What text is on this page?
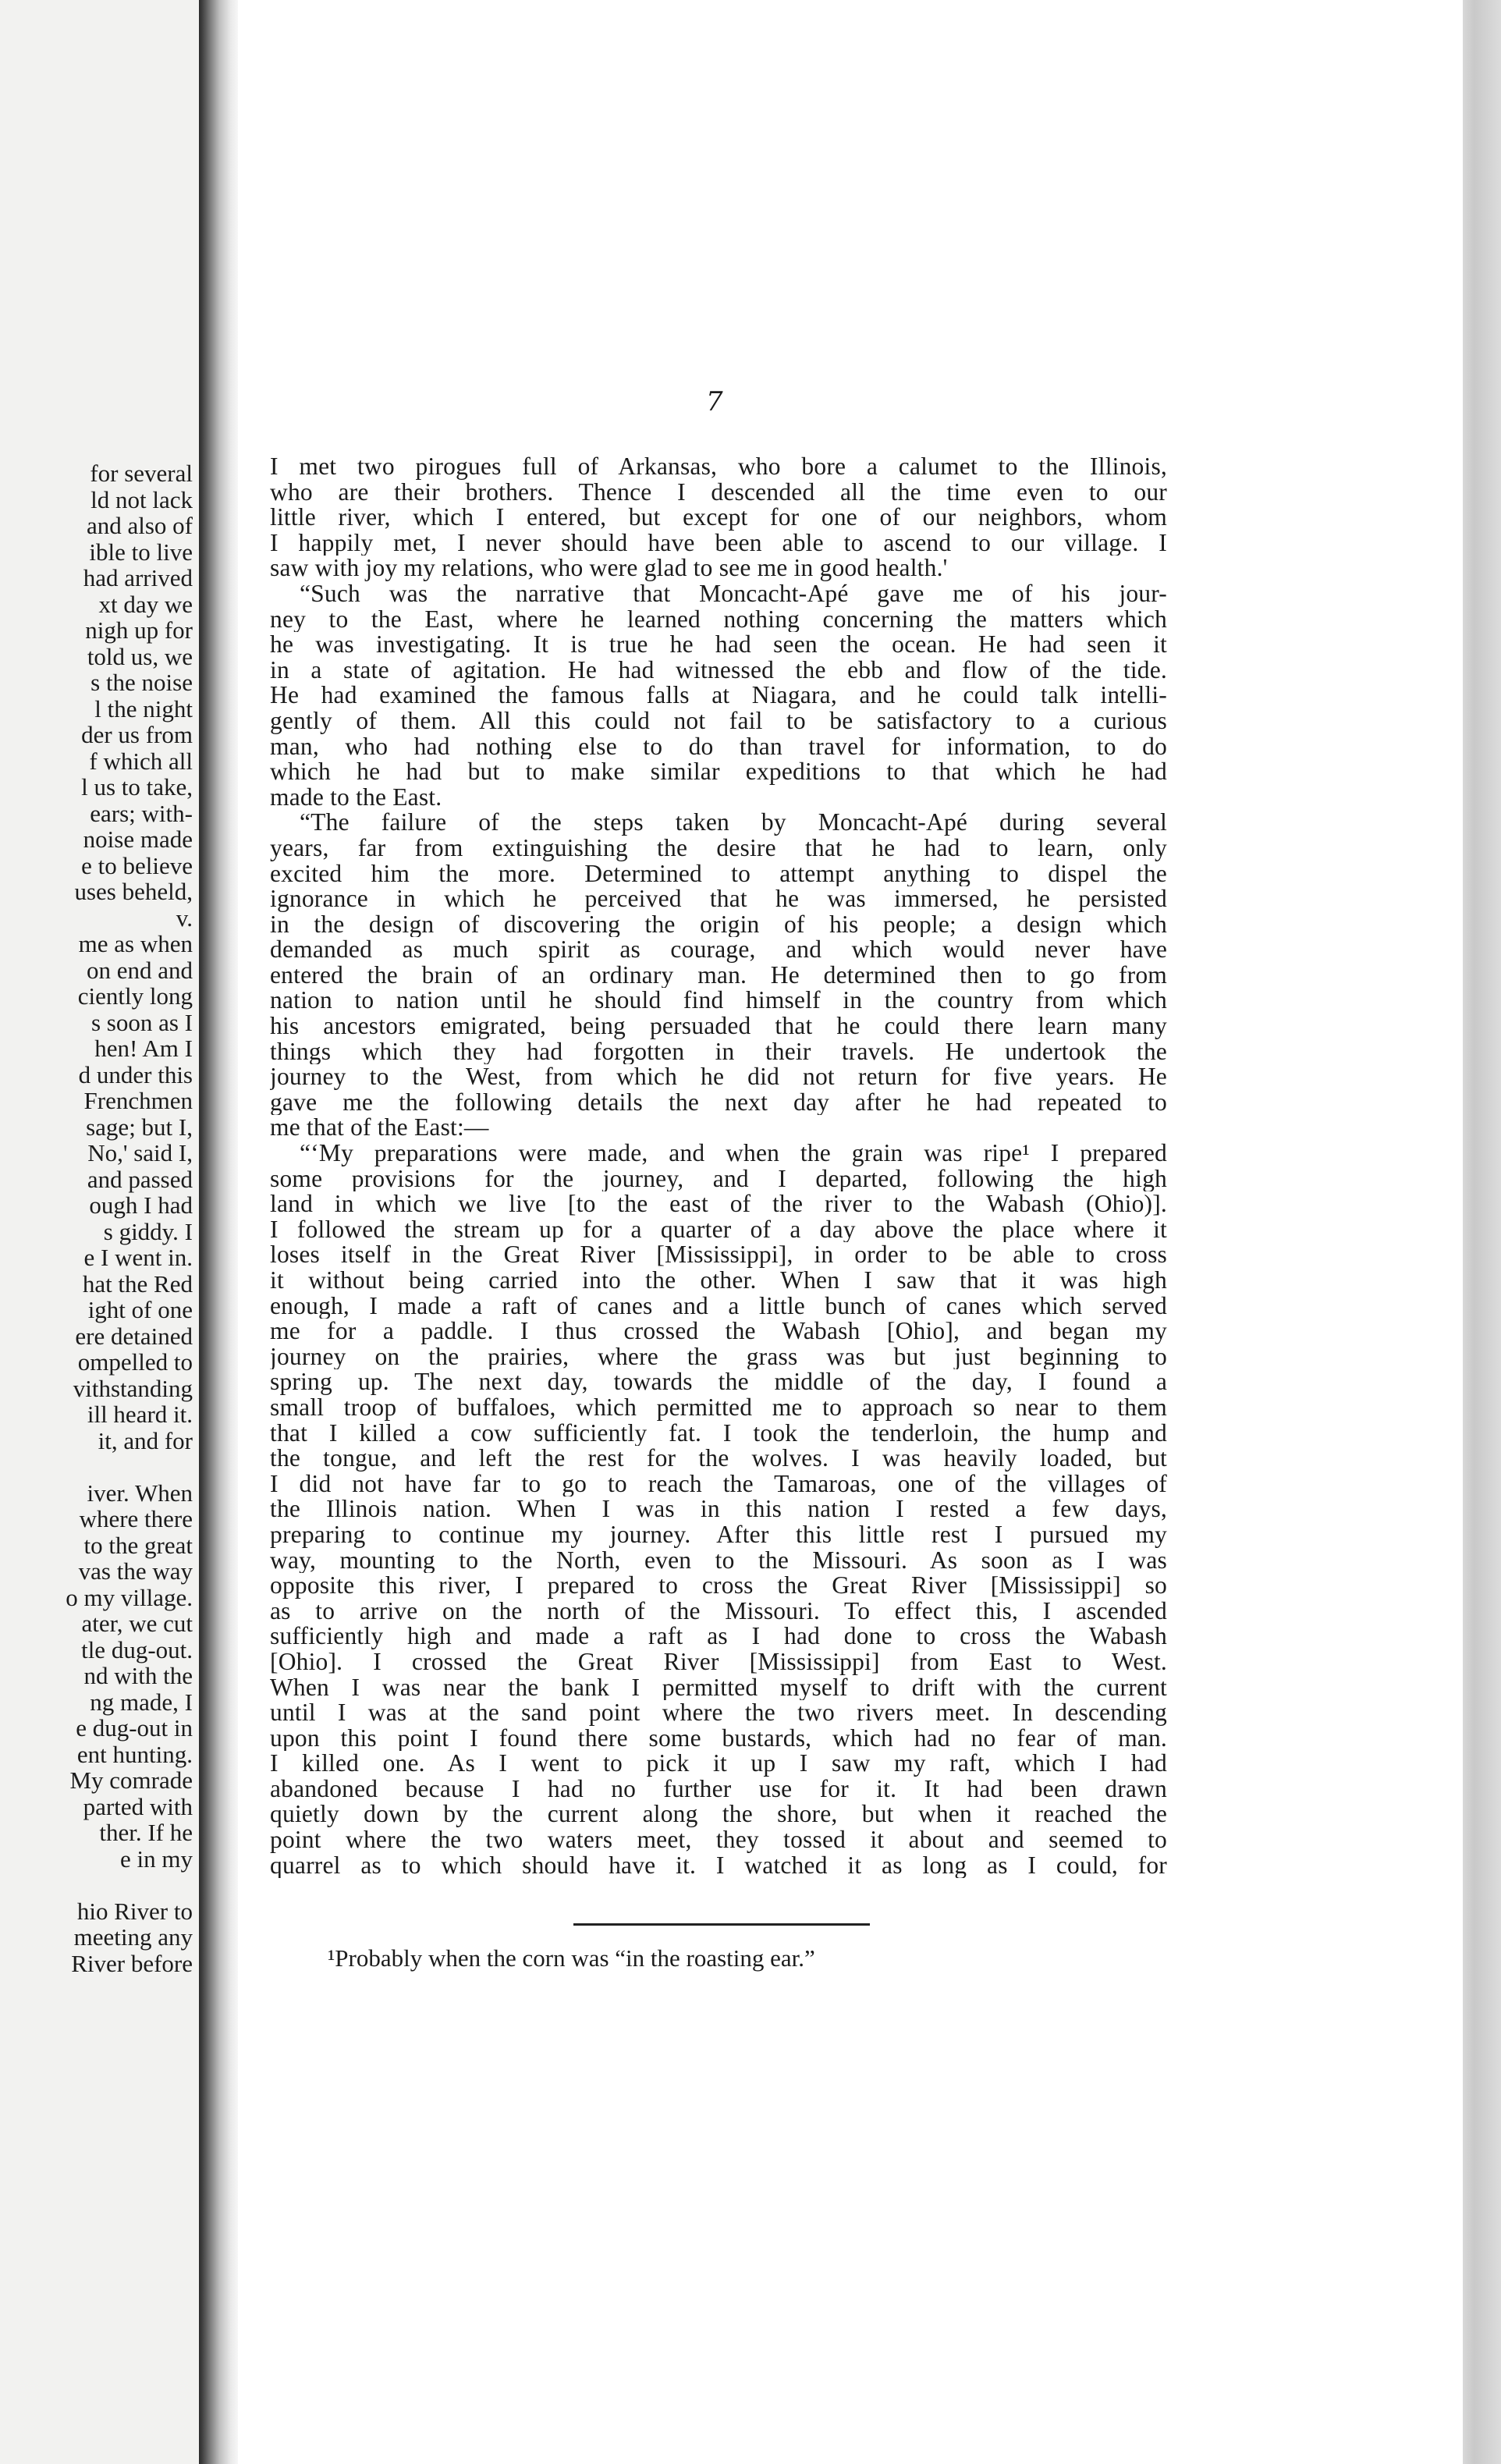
for several
ld not lack
and also of
ible to live
had arrived
xt day we
nigh up for
told us, we
s the noise
l the night
der us from
f which all
l us to take,
ears; with-
noise made
e to believe
uses beheld,
v.
me as when
on end and
ciently long
s soon as I
hen! Am I
d under this
Frenchmen
sage; but I,
No,' said I,
and passed
ough I had
s giddy. I
e I went in.
hat the Red
ight of one
ere detained
ompelled to
vithstanding
ill heard it.
it, and for
iver. When
where there
to the great
vas the way
o my village.
ater, we cut
tle dug-out.
nd with the
ng made, I
e dug-out in
ent hunting.
My comrade
parted with
ther. If he
e in my
hio River to
meeting any
River before
7
I met two pirogues full of Arkansas, who bore a calumet to the Illinois,
who are their brothers. Thence I descended all the time even to our
little river, which I entered, but except for one of our neighbors, whom
I happily met, I never should have been able to ascend to our village. I
saw with joy my relations, who were glad to see me in good health.'
“Such was the narrative that Moncacht-Apé gave me of his jour-
ney to the East, where he learned nothing concerning the matters which
he was investigating. It is true he had seen the ocean. He had seen it
in a state of agitation. He had witnessed the ebb and flow of the tide.
He had examined the famous falls at Niagara, and he could talk intelli-
gently of them. All this could not fail to be satisfactory to a curious
man, who had nothing else to do than travel for information, to do
which he had but to make similar expeditions to that which he had
made to the East.
“The failure of the steps taken by Moncacht-Apé during several
years, far from extinguishing the desire that he had to learn, only
excited him the more. Determined to attempt anything to dispel the
ignorance in which he perceived that he was immersed, he persisted
in the design of discovering the origin of his people; a design which
demanded as much spirit as courage, and which would never have
entered the brain of an ordinary man. He determined then to go from
nation to nation until he should find himself in the country from which
his ancestors emigrated, being persuaded that he could there learn many
things which they had forgotten in their travels. He undertook the
journey to the West, from which he did not return for five years. He
gave me the following details the next day after he had repeated to
me that of the East:—
“‘My preparations were made, and when the grain was ripe¹ I prepared
some provisions for the journey, and I departed, following the high
land in which we live [to the east of the river to the Wabash (Ohio)].
I followed the stream up for a quarter of a day above the place where it
loses itself in the Great River [Mississippi], in order to be able to cross
it without being carried into the other. When I saw that it was high
enough, I made a raft of canes and a little bunch of canes which served
me for a paddle. I thus crossed the Wabash [Ohio], and began my
journey on the prairies, where the grass was but just beginning to
spring up. The next day, towards the middle of the day, I found a
small troop of buffaloes, which permitted me to approach so near to them
that I killed a cow sufficiently fat. I took the tenderloin, the hump and
the tongue, and left the rest for the wolves. I was heavily loaded, but
I did not have far to go to reach the Tamaroas, one of the villages of
the Illinois nation. When I was in this nation I rested a few days,
preparing to continue my journey. After this little rest I pursued my
way, mounting to the North, even to the Missouri. As soon as I was
opposite this river, I prepared to cross the Great River [Mississippi] so
as to arrive on the north of the Missouri. To effect this, I ascended
sufficiently high and made a raft as I had done to cross the Wabash
[Ohio]. I crossed the Great River [Mississippi] from East to West.
When I was near the bank I permitted myself to drift with the current
until I was at the sand point where the two rivers meet. In descending
upon this point I found there some bustards, which had no fear of man.
I killed one. As I went to pick it up I saw my raft, which I had
abandoned because I had no further use for it. It had been drawn
quietly down by the current along the shore, but when it reached the
point where the two waters meet, they tossed it about and seemed to
quarrel as to which should have it. I watched it as long as I could, for
¹Probably when the corn was “in the roasting ear.”
